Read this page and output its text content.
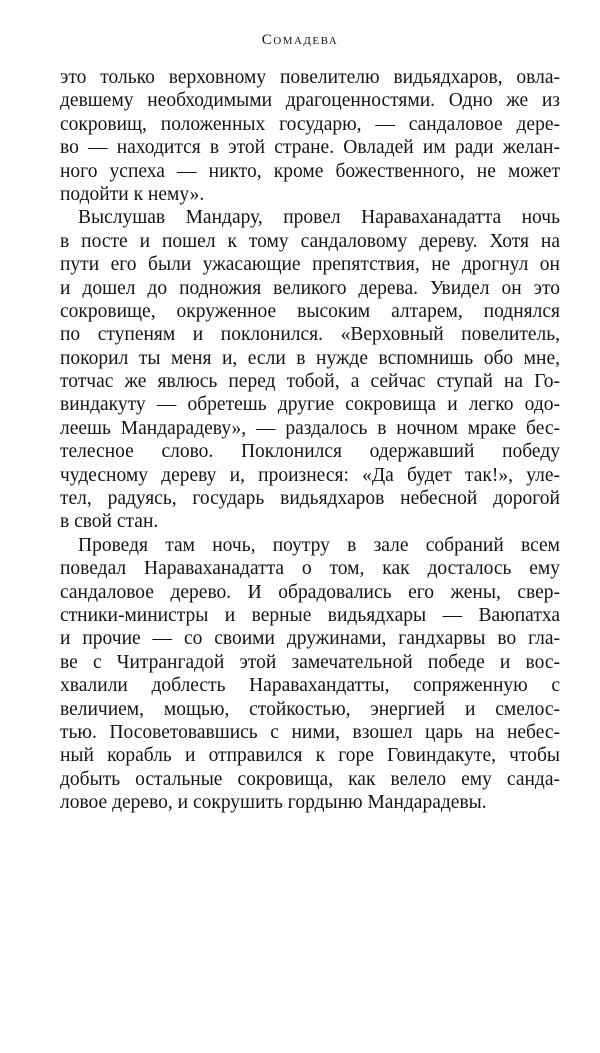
Сомадева
это только верховному повелителю видьядхаров, овла-
девшему необходимыми драгоценностями. Одно же из
сокровищ, положенных государю, — сандаловое дере-
во — находится в этой стране. Овладей им ради желан-
ного успеха — никто, кроме божественного, не может
подойти к нему».
Выслушав Мандару, провел Нараваханадатта ночь
в посте и пошел к тому сандаловому дереву. Хотя на
пути его были ужасающие препятствия, не дрогнул он
и дошел до подножия великого дерева. Увидел он это
сокровище, окруженное высоким алтарем, поднялся
по ступеням и поклонился. «Верховный повелитель,
покорил ты меня и, если в нужде вспомнишь обо мне,
тотчас же явлюсь перед тобой, а сейчас ступай на Го-
виндакуту — обретешь другие сокровища и легко одо-
леешь Мандарадеву», — раздалось в ночном мраке бес-
телесное слово. Поклонился одержавший победу
чудесному дереву и, произнеся: «Да будет так!», уле-
тел, радуясь, государь видьядхаров небесной дорогой
в свой стан.
Проведя там ночь, поутру в зале собраний всем
поведал Нараваханадатта о том, как досталось ему
сандаловое дерево. И обрадовались его жены, свер-
стники-министры и верные видьядхары — Ваюпатха
и прочие — со своими дружинами, гандхарвы во гла-
ве с Читрангадой этой замечательной победе и вос-
хвалили доблесть Наравахандатты, сопряженную с
величием, мощью, стойкостью, энергией и смелос-
тью. Посоветовавшись с ними, взошел царь на небес-
ный корабль и отправился к горе Говиндакуте, чтобы
добыть остальные сокровища, как велело ему санда-
ловое дерево, и сокрушить гордыню Мандарадевы.
